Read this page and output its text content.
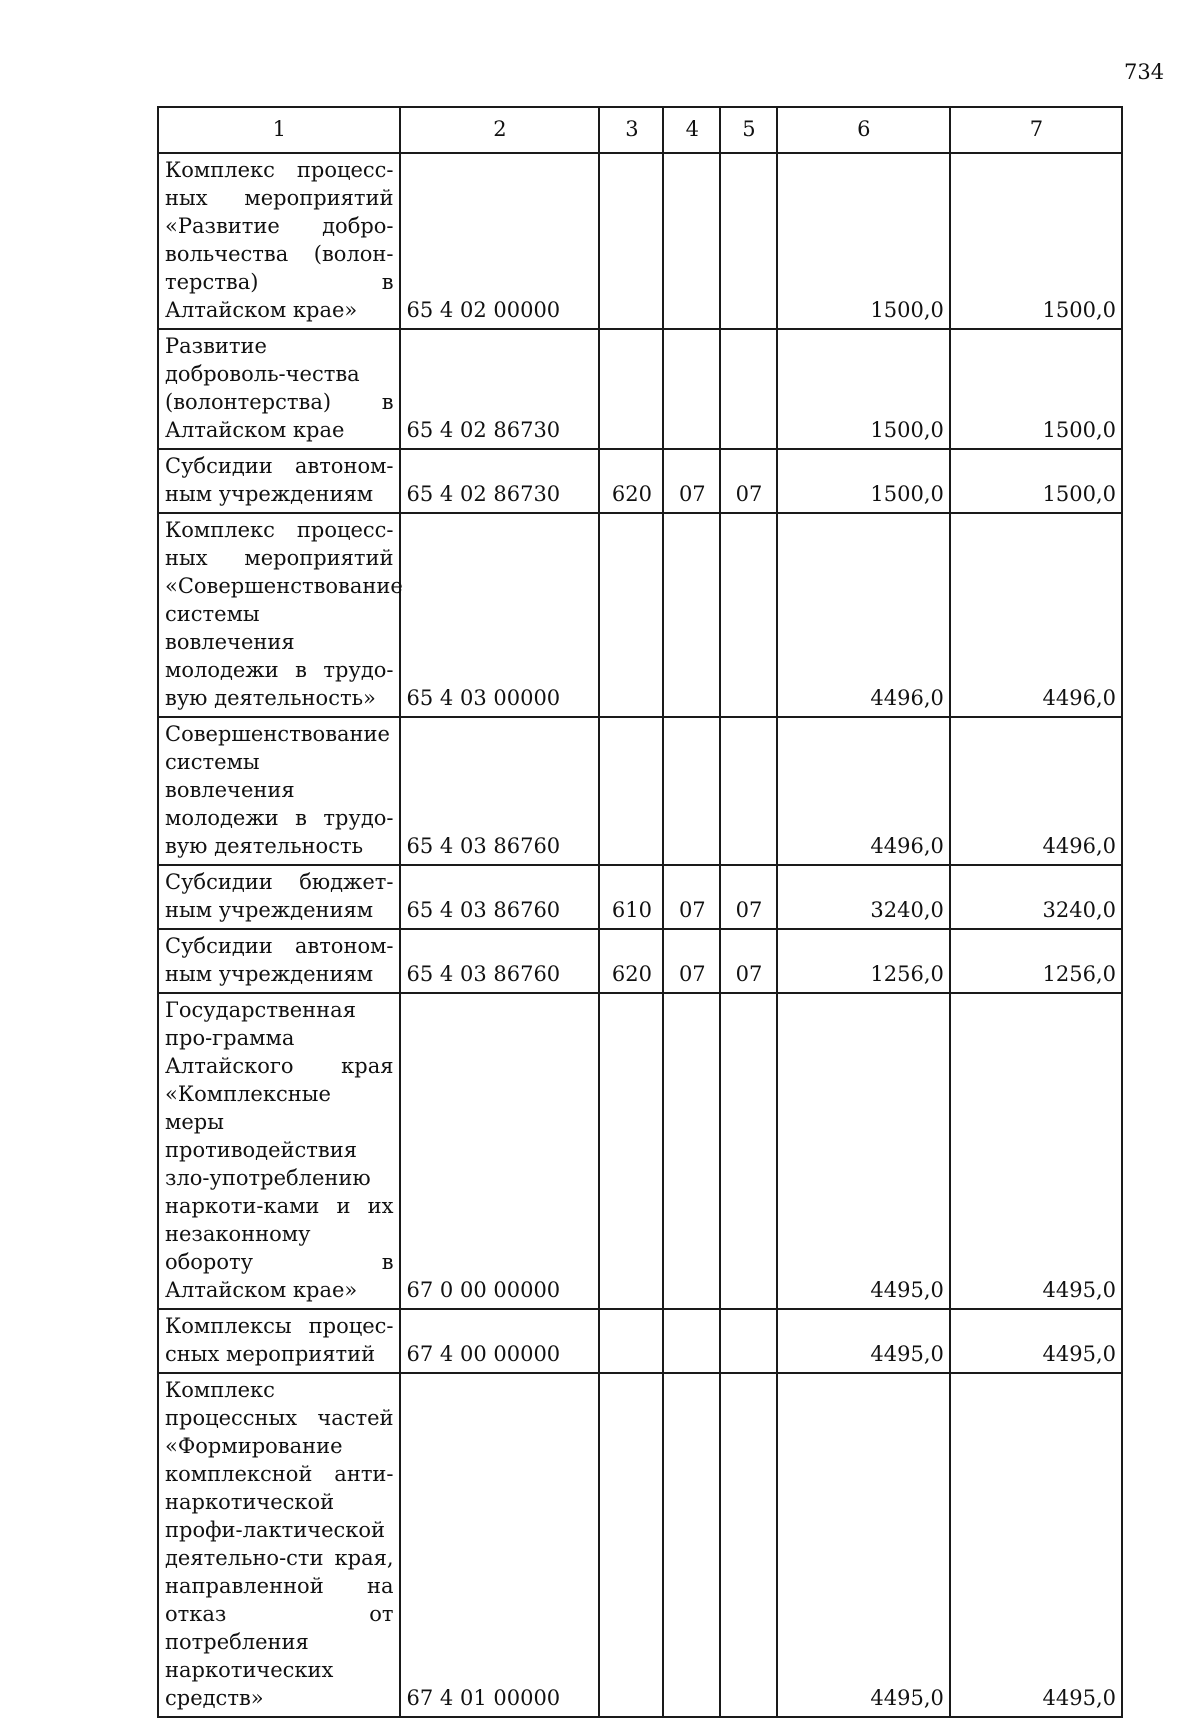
734
1	2	3	4	5	6	7
Комплекс процесс-ных мероприятий «Развитие добро-вольчества (волон-терства) в Алтайском крае»	65 4 02 00000				1500,0	1500,0
Развитие доброволь-чества (волонтерства) в Алтайском крае	65 4 02 86730				1500,0	1500,0
Субсидии автоном-ным учреждениям	65 4 02 86730	620	07	07	1500,0	1500,0
Комплекс процесс-ных мероприятий «Совершенствование системы вовлечения молодежи в трудо-вую деятельность»	65 4 03 00000				4496,0	4496,0
Совершенствование системы вовлечения молодежи в трудо-вую деятельность	65 4 03 86760				4496,0	4496,0
Субсидии бюджет-ным учреждениям	65 4 03 86760	610	07	07	3240,0	3240,0
Субсидии автоном-ным учреждениям	65 4 03 86760	620	07	07	1256,0	1256,0
Государственная про-грамма Алтайского края «Комплексные меры противодействия зло-употреблению наркоти-ками и их незаконному обороту в Алтайском крае»	67 0 00 00000				4495,0	4495,0
Комплексы процес-сных мероприятий	67 4 00 00000				4495,0	4495,0
Комплекс процессных частей «Формирование комплексной анти-наркотической профи-лактической деятельно-сти края, направленной на отказ от потребления наркотических средств»	67 4 01 00000				4495,0	4495,0
